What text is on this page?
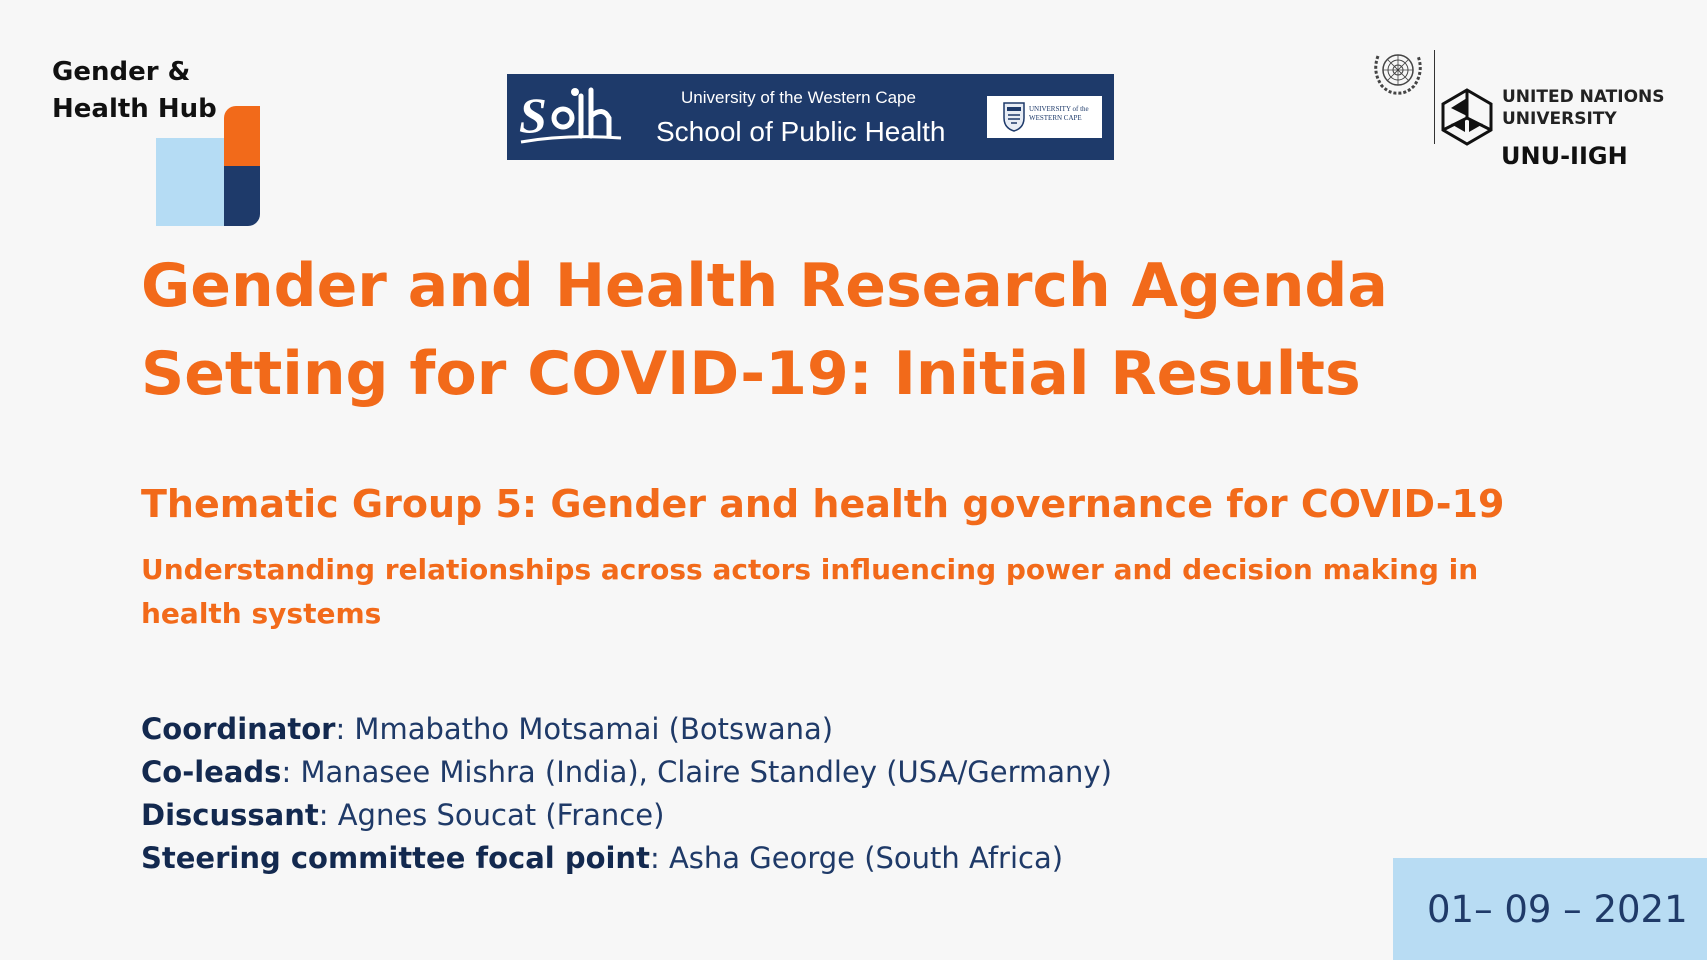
Gender &
Health Hub	S	University of the Western Cape
School of Public Health
UNIVERSITY of the
WESTERN CAPE
UNITED NATIONS
UNIVERSITY
UNU-IIGH
Gender and Health Research Agenda
Setting for COVID-19: Initial Results
Thematic Group 5: Gender and health governance for COVID-19

Understanding relationships across actors influencing power and decision making in health systems

Coordinator: Mmabatho Motsamai (Botswana)
Co-leads: Manasee Mishra (India), Claire Standley (USA/Germany)
Discussant: Agnes Soucat (France)
Steering committee focal point: Asha George (South Africa)
01– 09 – 2021
